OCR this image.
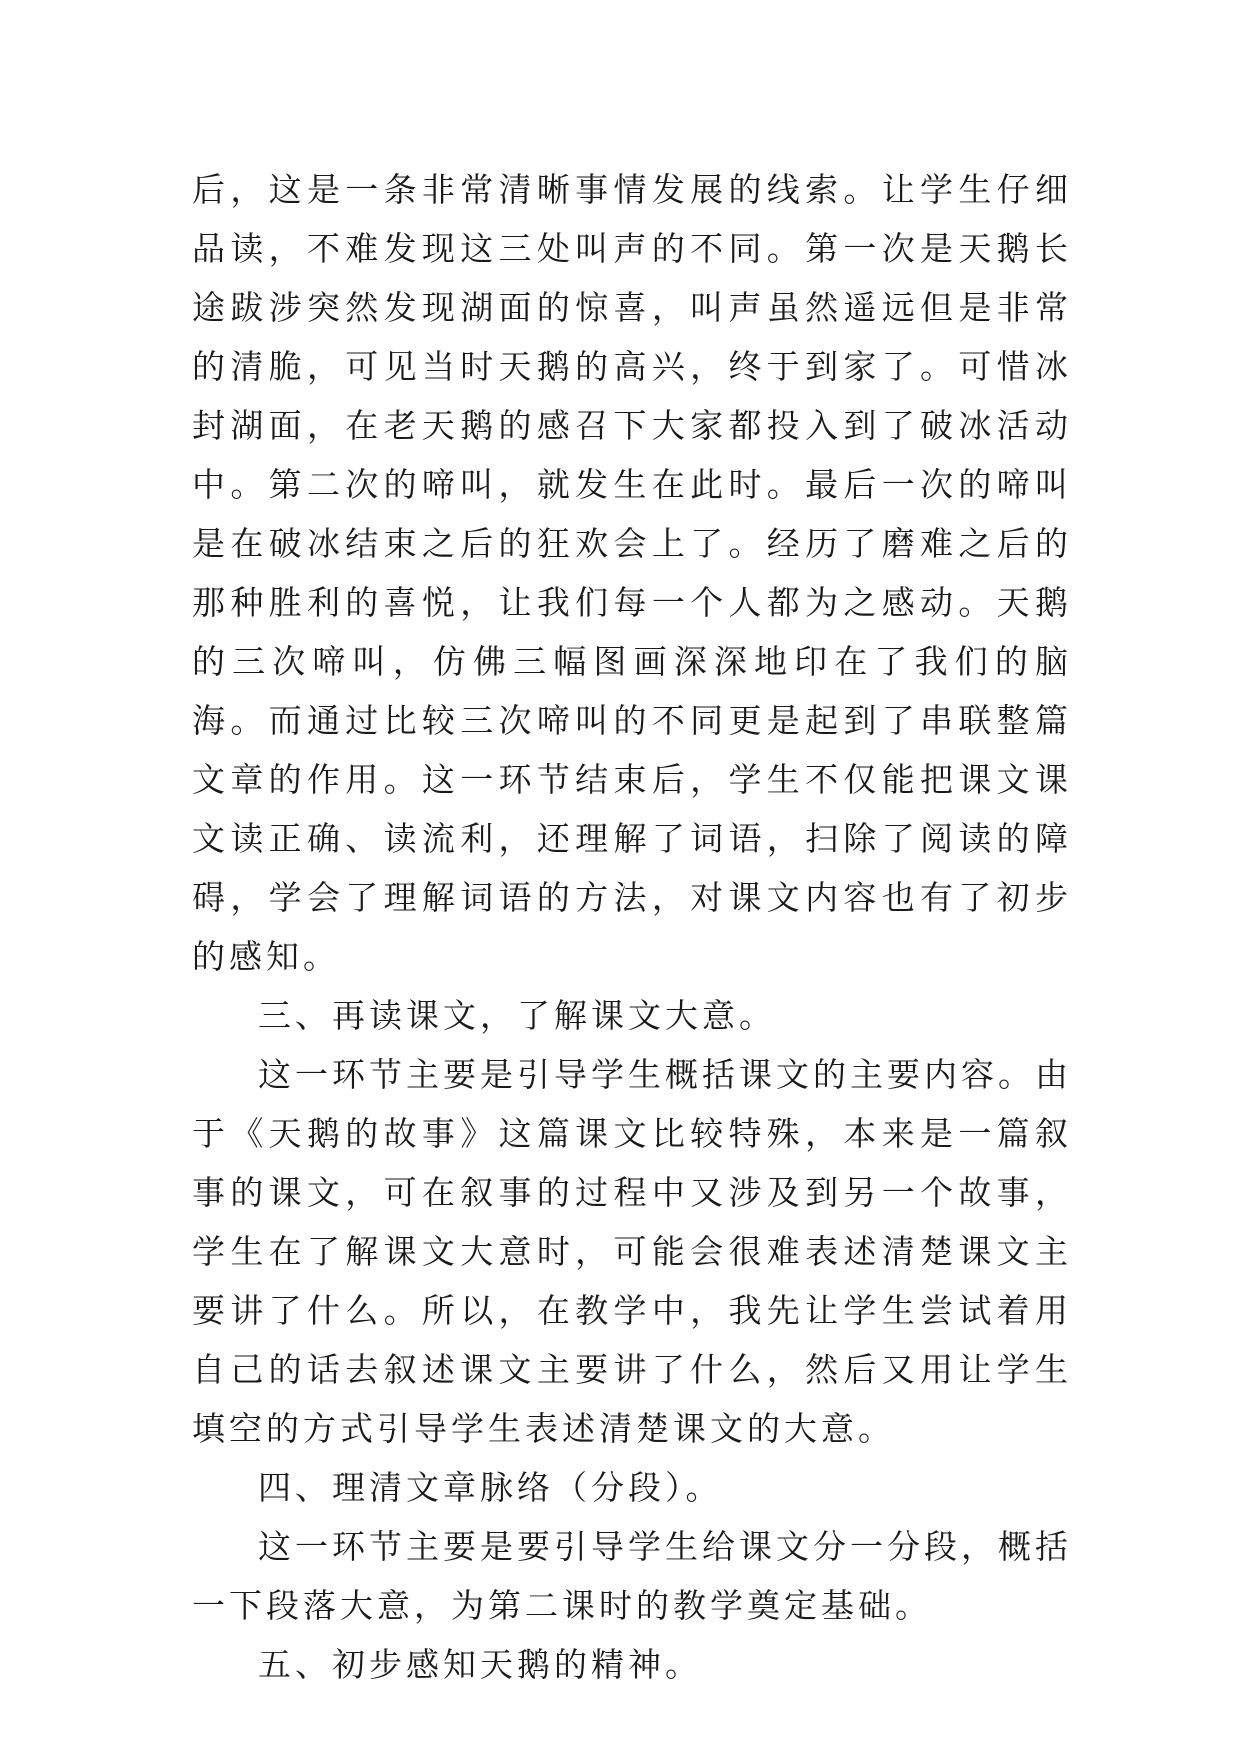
后，这是一条非常清晰事情发展的线索。让学生仔细品读，不难发现这三处叫声的不同。第一次是天鹅长途跋涉突然发现湖面的惊喜，叫声虽然遥远但是非常的清脆，可见当时天鹅的高兴，终于到家了。可惜冰封湖面，在老天鹅的感召下大家都投入到了破冰活动中。第二次的啼叫，就发生在此时。最后一次的啼叫是在破冰结束之后的狂欢会上了。经历了磨难之后的那种胜利的喜悦，让我们每一个人都为之感动。天鹅的三次啼叫，仿佛三幅图画深深地印在了我们的脑海。而通过比较三次啼叫的不同更是起到了串联整篇文章的作用。这一环节结束后，学生不仅能把课文课文读正确、读流利，还理解了词语，扫除了阅读的障碍，学会了理解词语的方法，对课文内容也有了初步的感知。

三、再读课文，了解课文大意。

这一环节主要是引导学生概括课文的主要内容。由于《天鹅的故事》这篇课文比较特殊，本来是一篇叙事的课文，可在叙事的过程中又涉及到另一个故事，学生在了解课文大意时，可能会很难表述清楚课文主要讲了什么。所以，在教学中，我先让学生尝试着用自己的话去叙述课文主要讲了什么，然后又用让学生填空的方式引导学生表述清楚课文的大意。

四、理清文章脉络（分段）。

这一环节主要是要引导学生给课文分一分段，概括一下段落大意，为第二课时的教学奠定基础。

五、初步感知天鹅的精神。
